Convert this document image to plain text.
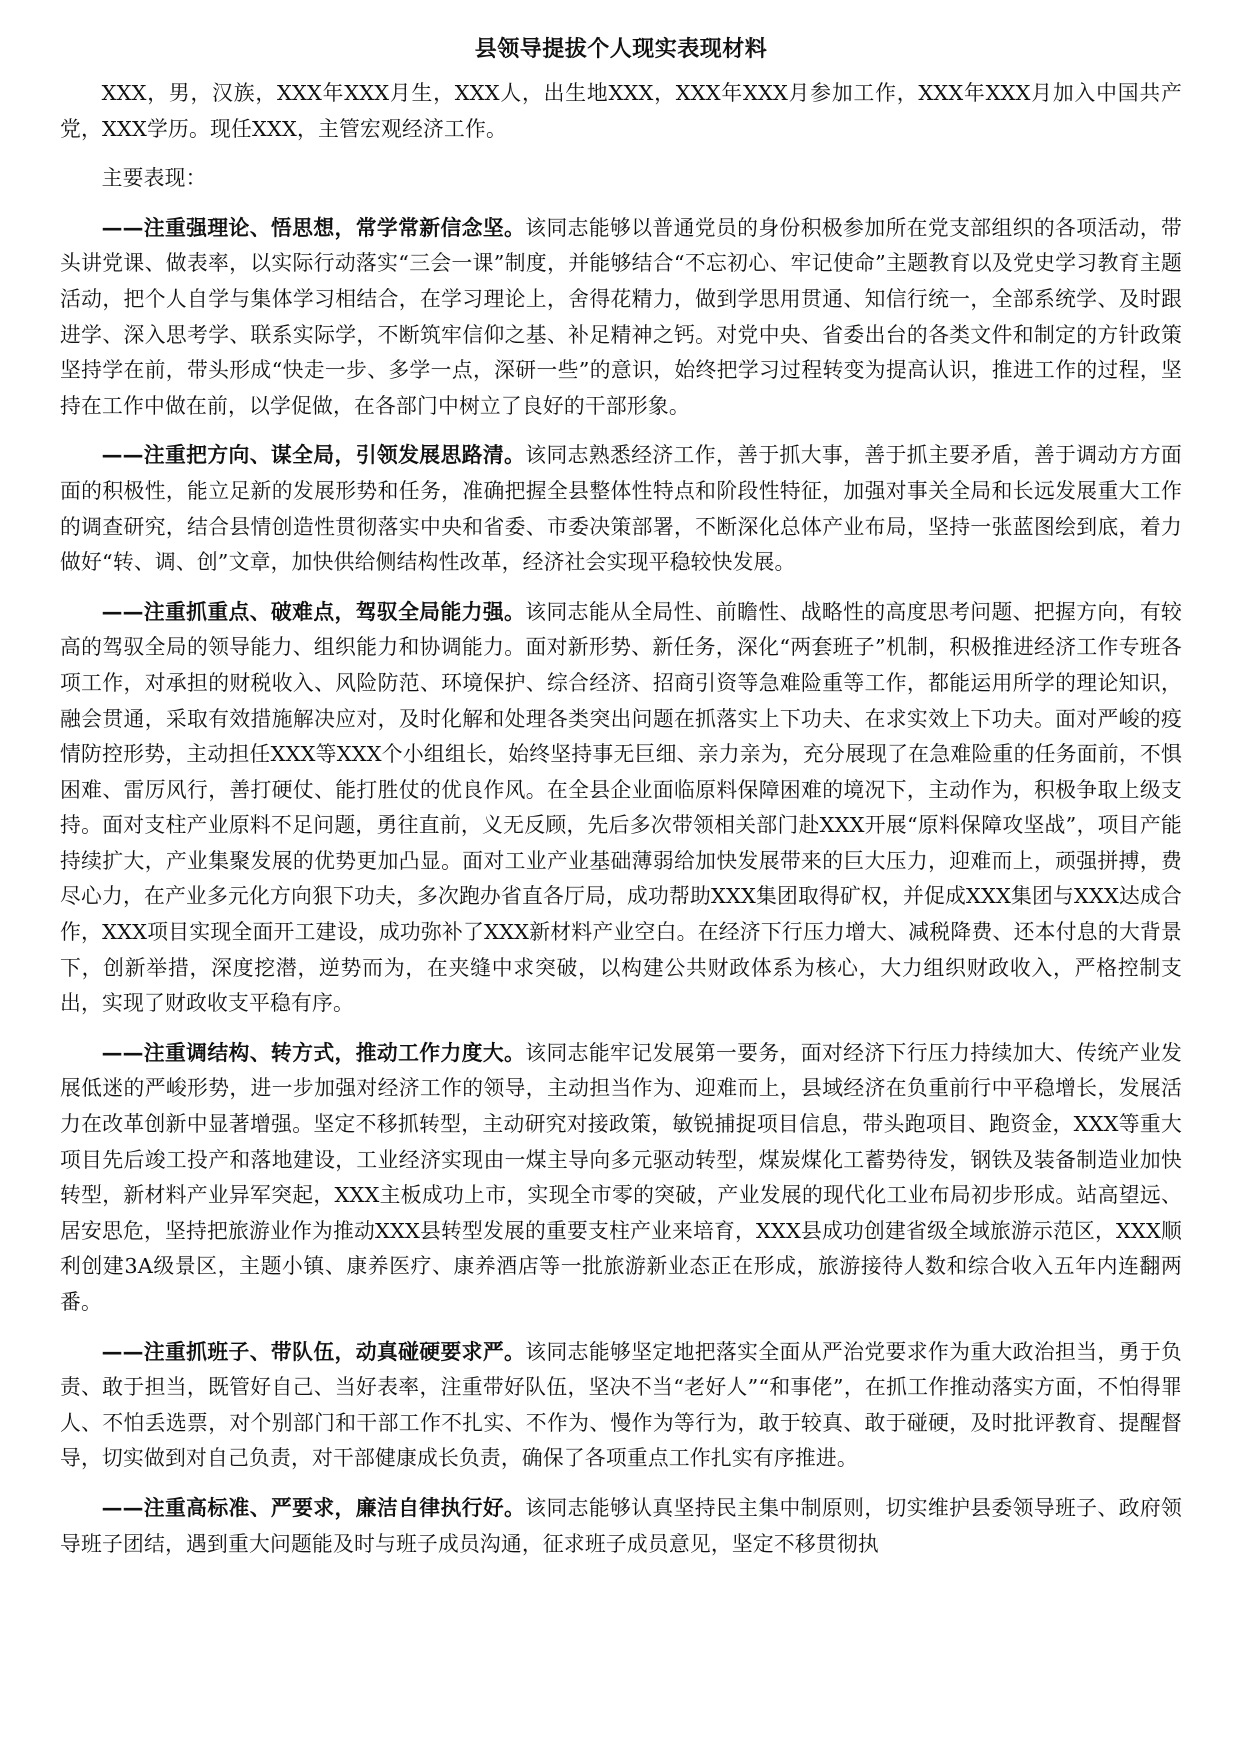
县领导提拔个人现实表现材料

XXX，男，汉族，XXX年XXX月生，XXX人，出生地XXX，XXX年XXX月参加工作，XXX年XXX月加入中国共产党，XXX学历。现任XXX，主管宏观经济工作。

主要表现：

——注重强理论、悟思想，常学常新信念坚。该同志能够以普通党员的身份积极参加所在党支部组织的各项活动，带头讲党课、做表率，以实际行动落实“三会一课”制度，并能够结合“不忘初心、牢记使命”主题教育以及党史学习教育主题活动，把个人自学与集体学习相结合，在学习理论上，舍得花精力，做到学思用贯通、知信行统一，全部系统学、及时跟进学、深入思考学、联系实际学，不断筑牢信仰之基、补足精神之钙。对党中央、省委出台的各类文件和制定的方针政策坚持学在前，带头形成“快走一步、多学一点，深研一些”的意识，始终把学习过程转变为提高认识，推进工作的过程，坚持在工作中做在前，以学促做，在各部门中树立了良好的干部形象。

——注重把方向、谋全局，引领发展思路清。该同志熟悉经济工作，善于抓大事，善于抓主要矛盾，善于调动方方面面的积极性，能立足新的发展形势和任务，准确把握全县整体性特点和阶段性特征，加强对事关全局和长远发展重大工作的调查研究，结合县情创造性贯彻落实中央和省委、市委决策部署，不断深化总体产业布局，坚持一张蓝图绘到底，着力做好“转、调、创”文章，加快供给侧结构性改革，经济社会实现平稳较快发展。

——注重抓重点、破难点，驾驭全局能力强。该同志能从全局性、前瞻性、战略性的高度思考问题、把握方向，有较高的驾驭全局的领导能力、组织能力和协调能力。面对新形势、新任务，深化“两套班子”机制，积极推进经济工作专班各项工作，对承担的财税收入、风险防范、环境保护、综合经济、招商引资等急难险重等工作，都能运用所学的理论知识，融会贯通，采取有效措施解决应对，及时化解和处理各类突出问题在抓落实上下功夫、在求实效上下功夫。面对严峻的疫情防控形势，主动担任XXX等XXX个小组组长，始终坚持事无巨细、亲力亲为，充分展现了在急难险重的任务面前，不惧困难、雷厉风行，善打硬仗、能打胜仗的优良作风。在全县企业面临原料保障困难的境况下，主动作为，积极争取上级支持。面对支柱产业原料不足问题，勇往直前，义无反顾，先后多次带领相关部门赴XXX开展“原料保障攻坚战”，项目产能持续扩大，产业集聚发展的优势更加凸显。面对工业产业基础薄弱给加快发展带来的巨大压力，迎难而上，顽强拼搏，费尽心力，在产业多元化方向狠下功夫，多次跑办省直各厅局，成功帮助XXX集团取得矿权，并促成XXX集团与XXX达成合作，XXX项目实现全面开工建设，成功弥补了XXX新材料产业空白。在经济下行压力增大、减税降费、还本付息的大背景下，创新举措，深度挖潜，逆势而为，在夹缝中求突破，以构建公共财政体系为核心，大力组织财政收入，严格控制支出，实现了财政收支平稳有序。

——注重调结构、转方式，推动工作力度大。该同志能牢记发展第一要务，面对经济下行压力持续加大、传统产业发展低迷的严峻形势，进一步加强对经济工作的领导，主动担当作为、迎难而上，县域经济在负重前行中平稳增长，发展活力在改革创新中显著增强。坚定不移抓转型，主动研究对接政策，敏锐捕捉项目信息，带头跑项目、跑资金，XXX等重大项目先后竣工投产和落地建设，工业经济实现由一煤主导向多元驱动转型，煤炭煤化工蓄势待发，钢铁及装备制造业加快转型，新材料产业异军突起，XXX主板成功上市，实现全市零的突破，产业发展的现代化工业布局初步形成。站高望远、居安思危，坚持把旅游业作为推动XXX县转型发展的重要支柱产业来培育，XXX县成功创建省级全域旅游示范区，XXX顺利创建3A级景区，主题小镇、康养医疗、康养酒店等一批旅游新业态正在形成，旅游接待人数和综合收入五年内连翻两番。

——注重抓班子、带队伍，动真碰硬要求严。该同志能够坚定地把落实全面从严治党要求作为重大政治担当，勇于负责、敢于担当，既管好自己、当好表率，注重带好队伍，坚决不当“老好人”“和事佬”，在抓工作推动落实方面，不怕得罪人、不怕丢选票，对个别部门和干部工作不扎实、不作为、慢作为等行为，敢于较真、敢于碰硬，及时批评教育、提醒督导，切实做到对自己负责，对干部健康成长负责，确保了各项重点工作扎实有序推进。

——注重高标准、严要求，廉洁自律执行好。该同志能够认真坚持民主集中制原则，切实维护县委领导班子、政府领导班子团结，遇到重大问题能及时与班子成员沟通，征求班子成员意见，坚定不移贯彻执
